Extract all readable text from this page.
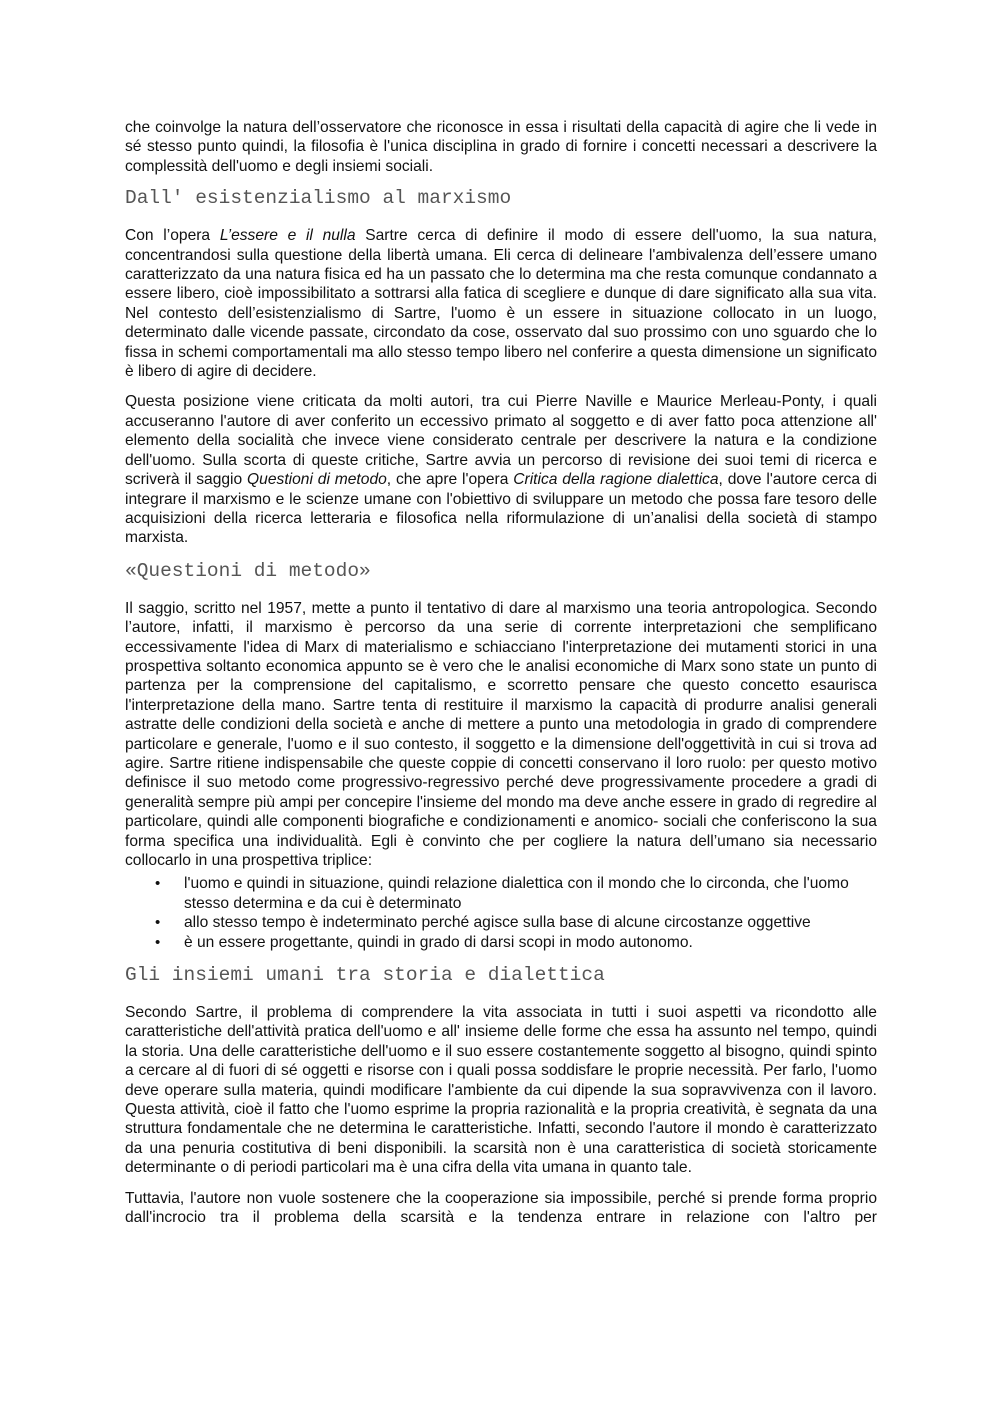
che coinvolge la natura dell’osservatore che riconosce in essa i risultati della capacità di agire che li vede in sé stesso punto quindi, la filosofia è l'unica disciplina in grado di fornire i concetti necessari a descrivere la complessità dell'uomo e degli insiemi sociali.

Dall' esistenzialismo al marxismo

Con l’opera L’essere e il nulla Sartre cerca di definire il modo di essere dell'uomo, la sua natura, concentrandosi sulla questione della libertà umana. Eli cerca di delineare l'ambivalenza dell’essere umano caratterizzato da una natura fisica ed ha un passato che lo determina ma che resta comunque condannato a essere libero, cioè impossibilitato a sottrarsi alla fatica di scegliere e dunque di dare significato alla sua vita. Nel contesto dell’esistenzialismo di Sartre, l'uomo è un essere in situazione collocato in un luogo, determinato dalle vicende passate, circondato da cose, osservato dal suo prossimo con uno sguardo che lo fissa in schemi comportamentali ma allo stesso tempo libero nel conferire a questa dimensione un significato è libero di agire di decidere.

Questa posizione viene criticata da molti autori, tra cui Pierre Naville e Maurice Merleau-Ponty, i quali accuseranno l'autore di aver conferito un eccessivo primato al soggetto e di aver fatto poca attenzione all' elemento della socialità che invece viene considerato centrale per descrivere la natura e la condizione dell'uomo. Sulla scorta di queste critiche, Sartre avvia un percorso di revisione dei suoi temi di ricerca e scriverà il saggio Questioni di metodo, che apre l'opera Critica della ragione dialettica, dove l'autore cerca di integrare il marxismo e le scienze umane con l'obiettivo di sviluppare un metodo che possa fare tesoro delle acquisizioni della ricerca letteraria e filosofica nella riformulazione di un’analisi della società di stampo marxista.

«Questioni di metodo»

Il saggio, scritto nel 1957, mette a punto il tentativo di dare al marxismo una teoria antropologica. Secondo l’autore, infatti, il marxismo è percorso da una serie di corrente interpretazioni che semplificano eccessivamente l'idea di Marx di materialismo e schiacciano l'interpretazione dei mutamenti storici in una prospettiva soltanto economica appunto se è vero che le analisi economiche di Marx sono state un punto di partenza per la comprensione del capitalismo, e scorretto pensare che questo concetto esaurisca l'interpretazione della mano. Sartre tenta di restituire il marxismo la capacità di produrre analisi generali astratte delle condizioni della società e anche di mettere a punto una metodologia in grado di comprendere particolare e generale, l'uomo e il suo contesto, il soggetto e la dimensione dell'oggettività in cui si trova ad agire. Sartre ritiene indispensabile che queste coppie di concetti conservano il loro ruolo: per questo motivo definisce il suo metodo come progressivo-regressivo perché deve progressivamente procedere a gradi di generalità sempre più ampi per concepire l'insieme del mondo ma deve anche essere in grado di regredire al particolare, quindi alle componenti biografiche e condizionamenti e anomico- sociali che conferiscono la sua forma specifica una individualità. Egli è convinto che per cogliere la natura dell’umano sia necessario collocarlo in una prospettiva triplice:

• l'uomo e quindi in situazione, quindi relazione dialettica con il mondo che lo circonda, che l'uomo stesso determina e da cui è determinato
• allo stesso tempo è indeterminato perché agisce sulla base di alcune circostanze oggettive
• è un essere progettante, quindi in grado di darsi scopi in modo autonomo.
Gli insiemi umani tra storia e dialettica

Secondo Sartre, il problema di comprendere la vita associata in tutti i suoi aspetti va ricondotto alle caratteristiche dell'attività pratica dell'uomo e all' insieme delle forme che essa ha assunto nel tempo, quindi la storia. Una delle caratteristiche dell'uomo e il suo essere costantemente soggetto al bisogno, quindi spinto a cercare al di fuori di sé oggetti e risorse con i quali possa soddisfare le proprie necessità. Per farlo, l'uomo deve operare sulla materia, quindi modificare l'ambiente da cui dipende la sua sopravvivenza con il lavoro. Questa attività, cioè il fatto che l'uomo esprime la propria razionalità e la propria creatività, è segnata da una struttura fondamentale che ne determina le caratteristiche. Infatti, secondo l'autore il mondo è caratterizzato da una penuria costitutiva di beni disponibili. la scarsità non è una caratteristica di società storicamente determinante o di periodi particolari ma è una cifra della vita umana in quanto tale.

Tuttavia, l'autore non vuole sostenere che la cooperazione sia impossibile, perché si prende forma proprio dall'incrocio tra il problema della scarsità e la tendenza entrare in relazione con l'altro per
